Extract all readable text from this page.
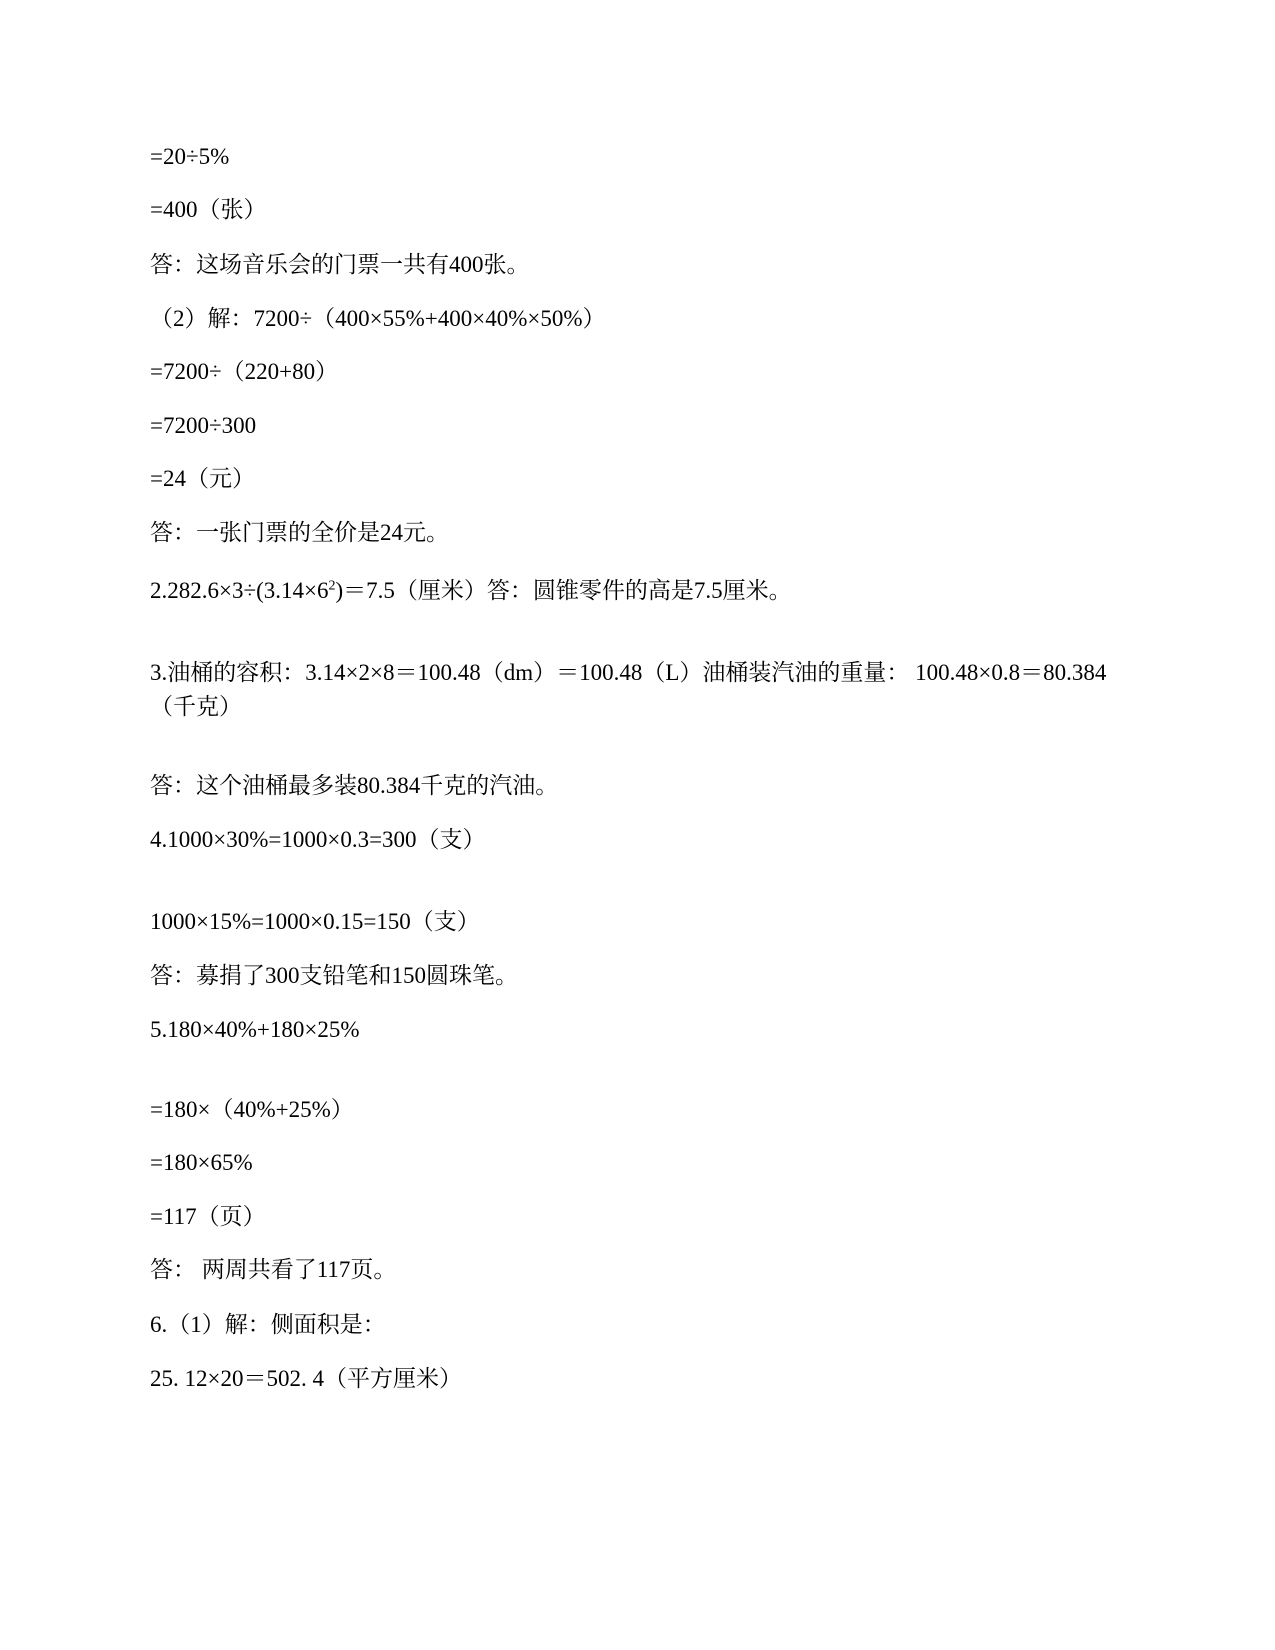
=20÷5%
=400（张）
答：这场音乐会的门票一共有400张。
（2）解：7200÷（400×55%+400×40%×50%）
=7200÷（220+80）
=7200÷300
=24（元）
答：一张门票的全价是24元。
$2.282.6\times 3\div(3.14\times 6^2)=7.5$（厘米）答：圆锥零件的高是7.5厘米。
3.油桶的容积：3.14×2×8＝100.48（dm）＝100.48（L）油桶装汽油的重量： 100.48×0.8＝80.384（千克）
答：这个油桶最多装80.384千克的汽油。
4.1000×30%=1000×0.3=300（支）
1000×15%=1000×0.15=150（支）
答：募捐了300支铅笔和150圆珠笔。
5.180×40%+180×25%
=180×（40%+25%）
=180×65%
=117（页）
答： 两周共看了117页。
6.（1）解：侧面积是：
25. 12×20＝502. 4（平方厘米）
